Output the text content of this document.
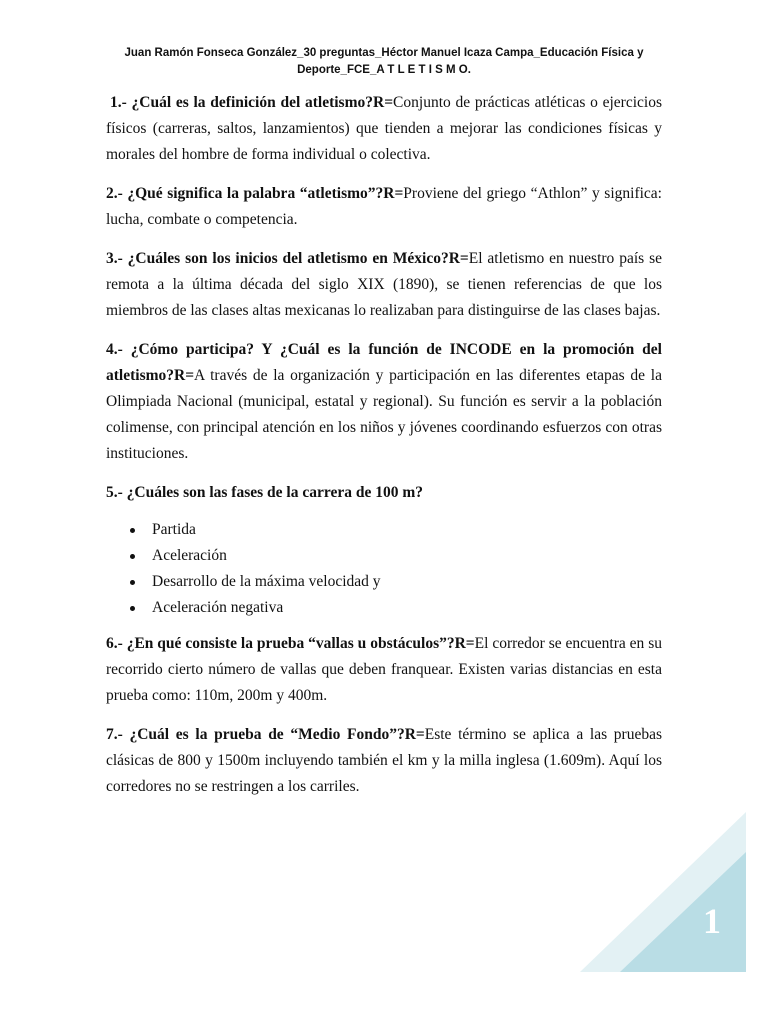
Juan Ramón Fonseca González_30 preguntas_Héctor Manuel Icaza Campa_Educación Física y
Deporte_FCE_A T L E T I S M O.

1.- ¿Cuál es la definición del atletismo?R=Conjunto de prácticas atléticas o ejercicios físicos (carreras, saltos, lanzamientos) que tienden a mejorar las condiciones físicas y morales del hombre de forma individual o colectiva.

2.- ¿Qué significa la palabra “atletismo”?R=Proviene del griego “Athlon” y significa: lucha, combate o competencia.

3.- ¿Cuáles son los inicios del atletismo en México?R=El atletismo en nuestro país se remota a la última década del siglo XIX (1890), se tienen referencias de que los miembros de las clases altas mexicanas lo realizaban para distinguirse de las clases bajas.

4.- ¿Cómo participa? Y ¿Cuál es la función de INCODE en la promoción del atletismo?R=A través de la organización y participación en las diferentes etapas de la Olimpiada Nacional (municipal, estatal y regional). Su función es servir a la población colimense, con principal atención en los niños y jóvenes coordinando esfuerzos con otras instituciones.

5.- ¿Cuáles son las fases de la carrera de 100 m?

Partida
Aceleración
Desarrollo de la máxima velocidad y
Aceleración negativa

6.- ¿En qué consiste la prueba “vallas u obstáculos”?R=El corredor se encuentra en su recorrido cierto número de vallas que deben franquear. Existen varias distancias en esta prueba como: 110m, 200m y 400m.

7.- ¿Cuál es la prueba de “Medio Fondo”?R=Este término se aplica a las pruebas clásicas de 800 y 1500m incluyendo también el km y la milla inglesa (1.609m). Aquí los corredores no se restringen a los carriles.

1
